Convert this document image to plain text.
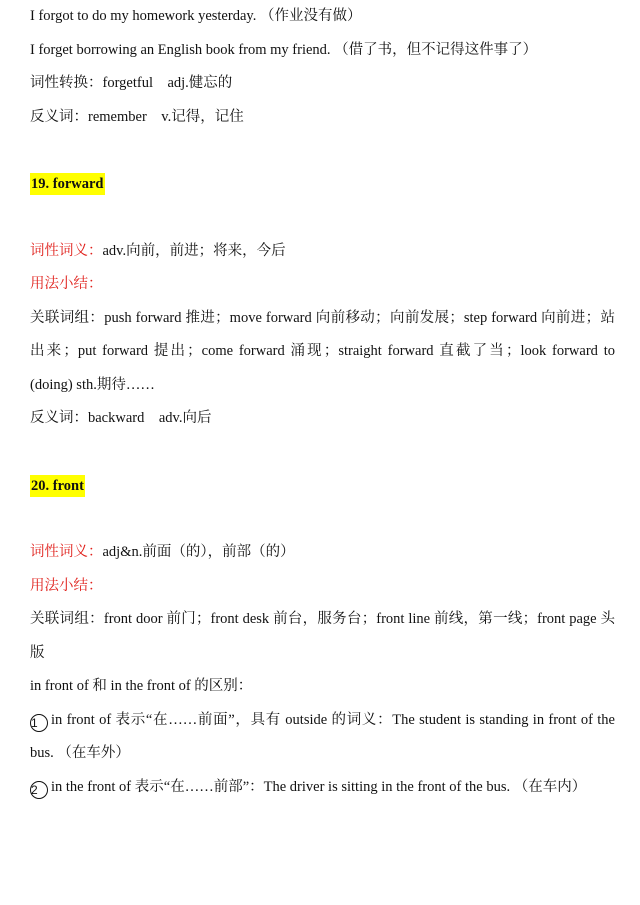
I forgot to do my homework yesterday. （作业没有做）

I forget borrowing an English book from my friend. （借了书，但不记得这件事了）

词性转换：forgetful　adj.健忘的

反义词：remember　v.记得，记住

19. forward

词性词义：adv.向前，前进；将来，今后

用法小结：

关联词组：push forward 推进；move forward 向前移动；向前发展；step forward 向前进；站出来；put forward 提出；come forward 涌现；straight forward 直截了当；look forward to (doing) sth.期待……

反义词：backward　adv.向后

20. front

词性词义：adj&n.前面（的），前部（的）

用法小结：

关联词组：front door 前门；front desk 前台，服务台；front line 前线，第一线；front page 头版

in front of 和 in the front of 的区别：

1 in front of 表示“在……前面”，具有 outside 的词义：The student is standing in front of the bus. （在车外）

2 in the front of 表示“在……前部”：The driver is sitting in the front of the bus. （在车内）
